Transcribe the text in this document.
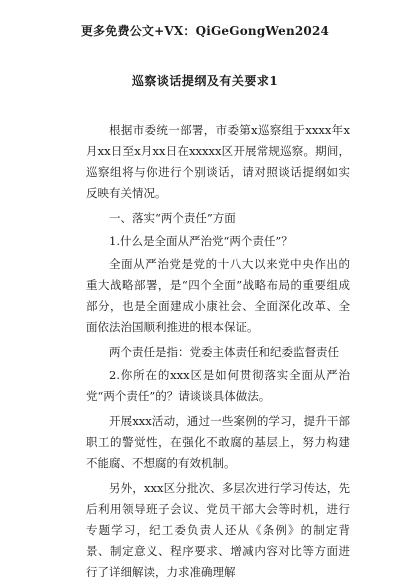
更多免费公文+VX：QiGeGongWen2024
巡察谈话提纲及有关要求1

根据市委统一部署，市委第x巡察组于xxxx年x月xx日至x月xx日在xxxxx区开展常规巡察。期间，巡察组将与你进行个别谈话，请对照谈话提纲如实反映有关情况。

一、落实“两个责任”方面

1.什么是全面从严治党“两个责任”？

全面从严治党是党的十八大以来党中央作出的重大战略部署，是“四个全面”战略布局的重要组成部分，也是全面建成小康社会、全面深化改革、全面依法治国顺利推进的根本保证。

两个责任是指：党委主体责任和纪委监督责任

2.你所在的xxx区是如何贯彻落实全面从严治党“两个责任”的？请谈谈具体做法。

开展xxx活动，通过一些案例的学习，提升干部职工的警觉性，在强化不敢腐的基层上，努力构建不能腐、不想腐的有效机制。

另外，xxx区分批次、多层次进行学习传达，先后利用领导班子会议、党员干部大会等时机，进行专题学习，纪工委负责人还从《条例》的制定背景、制定意义、程序要求、增减内容对比等方面进行了详细解读，力求准确理解
